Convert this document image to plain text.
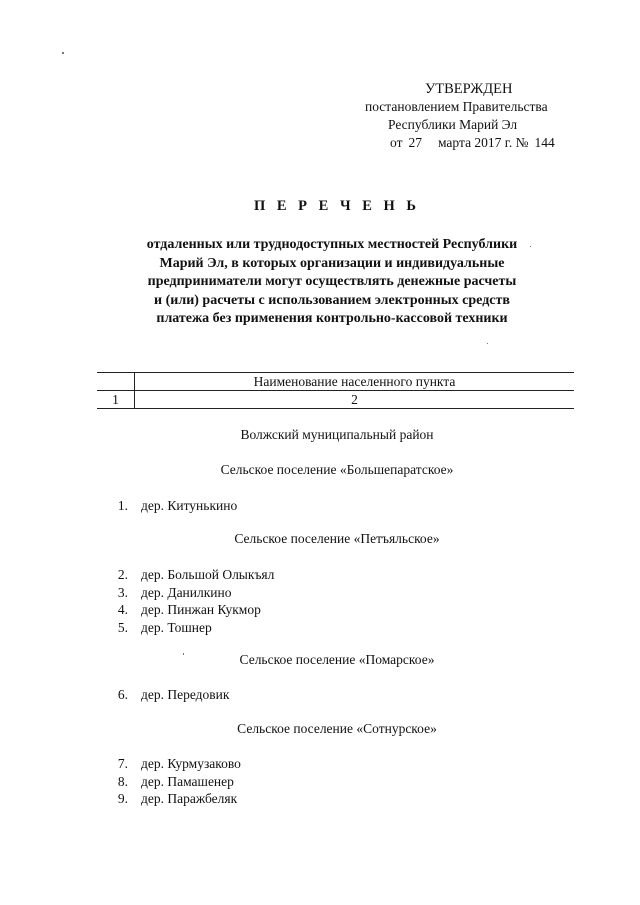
УТВЕРЖДЕН
постановлением Правительства
Республики Марий Эл
от 27 марта 2017 г. № 144
П Е Р Е Ч Е Н Ь
отдаленных или труднодоступных местностей Республики
Марий Эл, в которых организации и индивидуальные
предприниматели могут осуществлять денежные расчеты
и (или) расчеты с использованием электронных средств
платежа без применения контрольно-кассовой техники
	Наименование населенного пункта
1	2
Волжский муниципальный район
Сельское поселение «Большепаратское»
1. дер. Китунькино
Сельское поселение «Петъяльское»
2. дер. Большой Олыкъял
3. дер. Данилкино
4. дер. Пинжан Кукмор
5. дер. Тошнер
Сельское поселение «Помарское»
6. дер. Передовик
Сельское поселение «Сотнурское»
7. дер. Курмузаково
8. дер. Памашенер
9. дер. Паражбеляк
